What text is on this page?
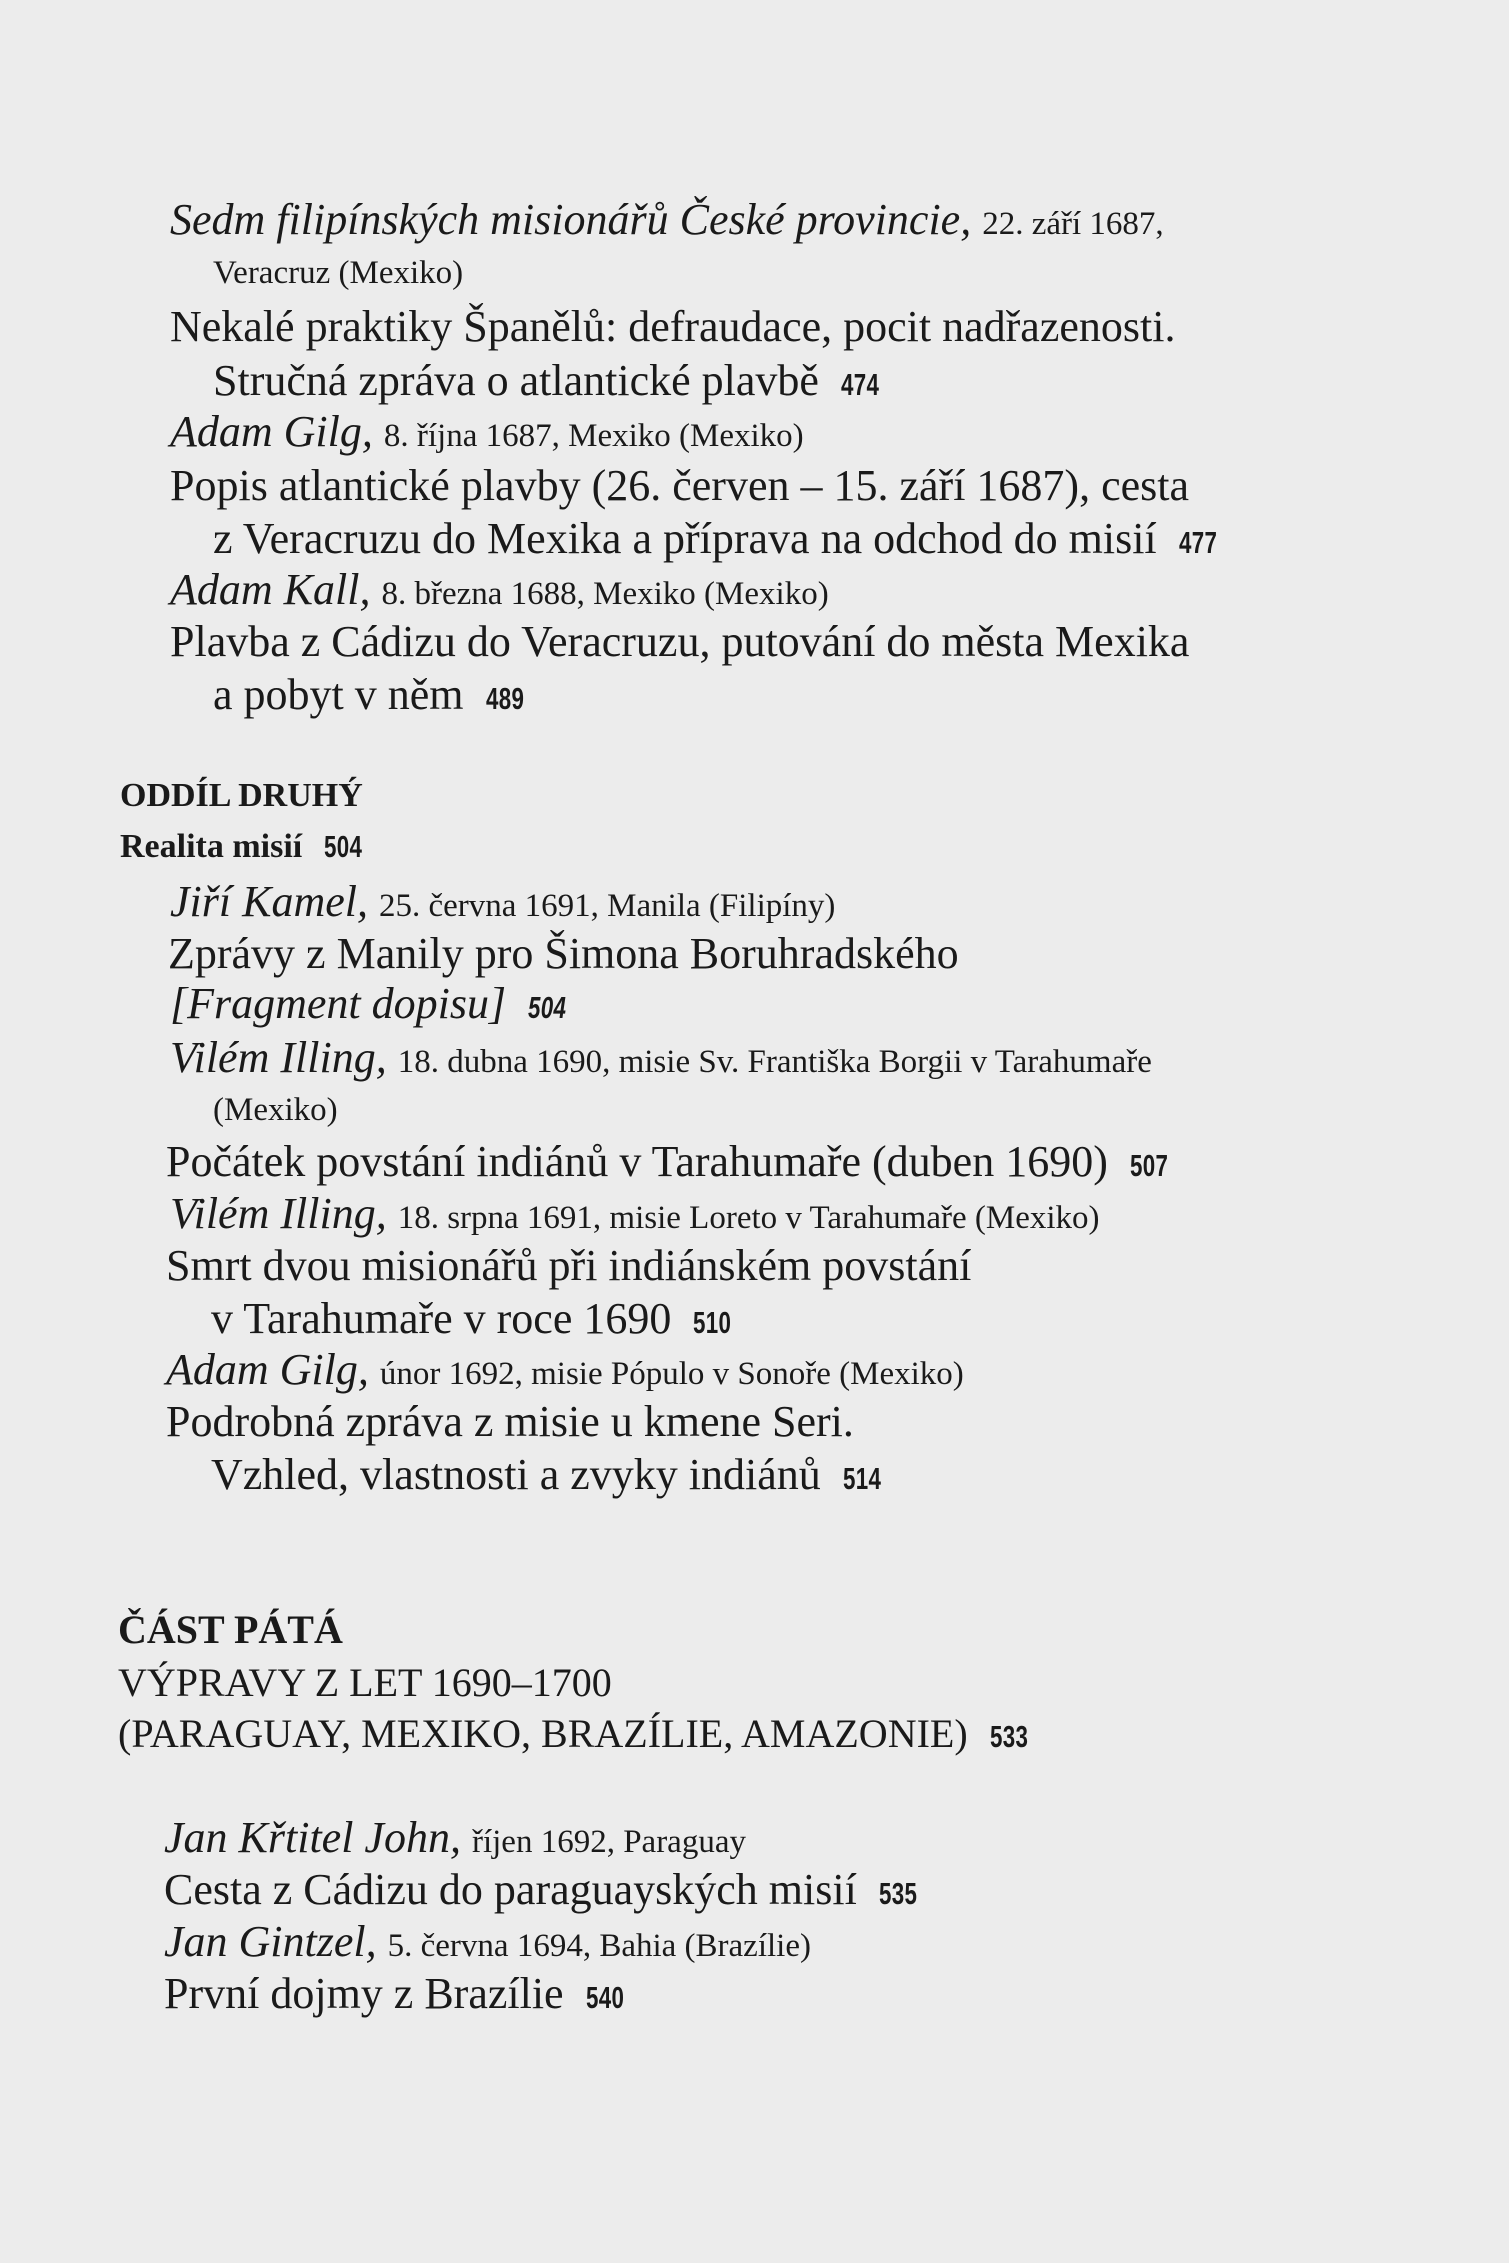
Sedm filipínských misionářů České provincie, 22. září 1687,
Veracruz (Mexiko)
Nekalé praktiky Španělů: defraudace, pocit nadřazenosti.
Stručná zpráva o atlantické plavbě 474
Adam Gilg, 8. října 1687, Mexiko (Mexiko)
Popis atlantické plavby (26. červen – 15. září 1687), cesta
z Veracruzu do Mexika a příprava na odchod do misií 477
Adam Kall, 8. března 1688, Mexiko (Mexiko)
Plavba z Cádizu do Veracruzu, putování do města Mexika
a pobyt v něm 489
ODDÍL DRUHÝ
Realita misií 504
Jiří Kamel, 25. června 1691, Manila (Filipíny)
Zprávy z Manily pro Šimona Boruhradského
[Fragment dopisu] 504
Vilém Illing, 18. dubna 1690, misie Sv. Františka Borgii v Tarahumaře
(Mexiko)
Počátek povstání indiánů v Tarahumaře (duben 1690) 507
Vilém Illing, 18. srpna 1691, misie Loreto v Tarahumaře (Mexiko)
Smrt dvou misionářů při indiánském povstání
v Tarahumaře v roce 1690 510
Adam Gilg, únor 1692, misie Pópulo v Sonoře (Mexiko)
Podrobná zpráva z misie u kmene Seri.
Vzhled, vlastnosti a zvyky indiánů 514
ČÁST PÁTÁ
VÝPRAVY Z LET 1690–1700
(PARAGUAY, MEXIKO, BRAZÍLIE, AMAZONIE) 533
Jan Křtitel John, říjen 1692, Paraguay
Cesta z Cádizu do paraguayských misií 535
Jan Gintzel, 5. června 1694, Bahia (Brazílie)
První dojmy z Brazílie 540
